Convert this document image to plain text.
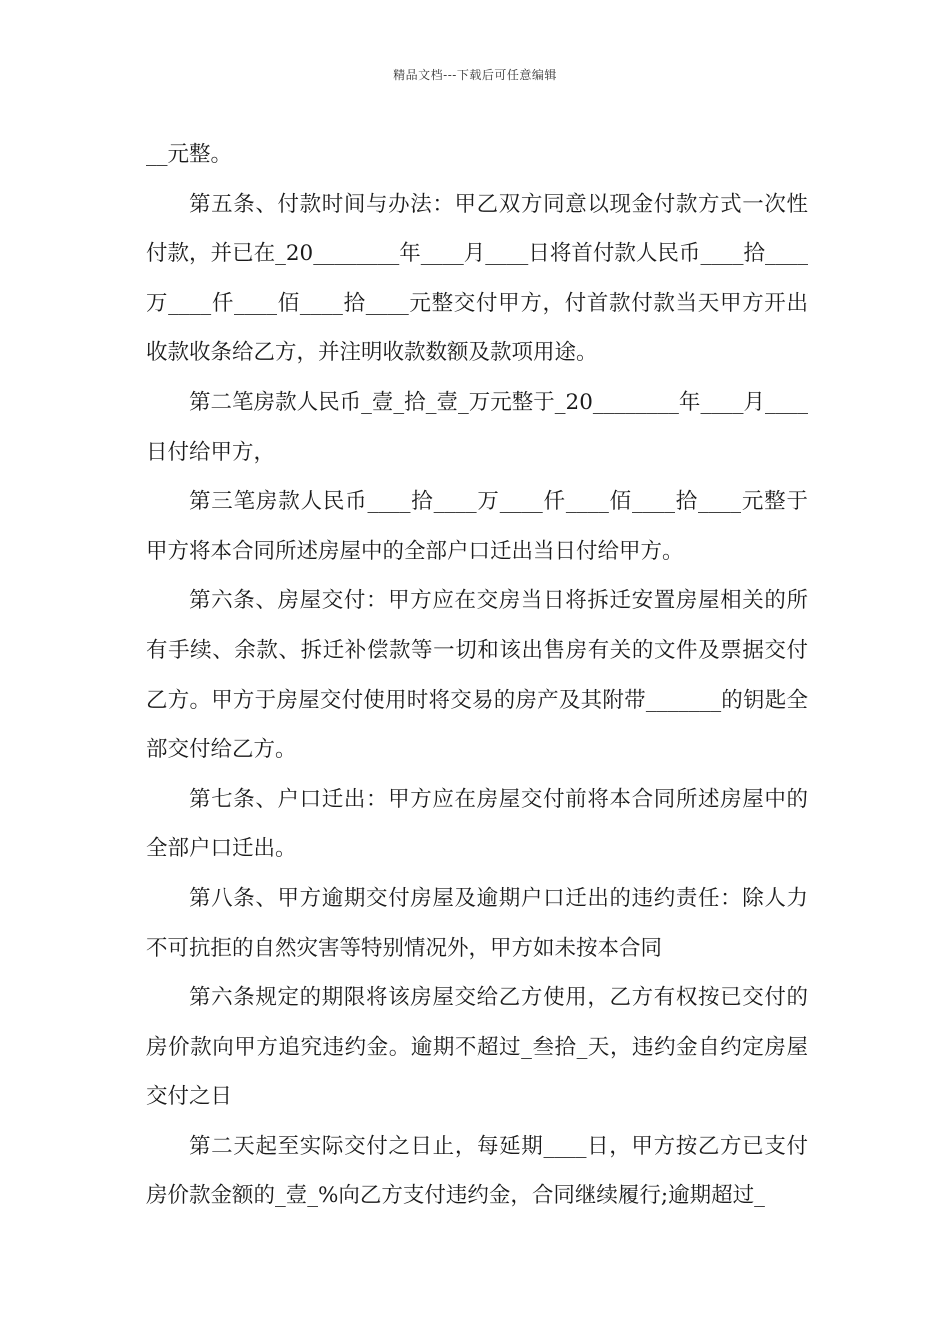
精品文档---下载后可任意编辑

__元整。

第五条、付款时间与办法：甲乙双方同意以现金付款方式一次性付款，并已在_20________年____月____日将首付款人民币____拾____万____仟____佰____拾____元整交付甲方，付首款付款当天甲方开出收款收条给乙方，并注明收款数额及款项用途。

第二笔房款人民币_壹_拾_壹_万元整于_20________年____月____日付给甲方，

第三笔房款人民币____拾____万____仟____佰____拾____元整于甲方将本合同所述房屋中的全部户口迁出当日付给甲方。

第六条、房屋交付：甲方应在交房当日将拆迁安置房屋相关的所有手续、余款、拆迁补偿款等一切和该出售房有关的文件及票据交付乙方。甲方于房屋交付使用时将交易的房产及其附带_______的钥匙全部交付给乙方。

第七条、户口迁出：甲方应在房屋交付前将本合同所述房屋中的全部户口迁出。

第八条、甲方逾期交付房屋及逾期户口迁出的违约责任：除人力不可抗拒的自然灾害等特别情况外，甲方如未按本合同

第六条规定的期限将该房屋交给乙方使用，乙方有权按已交付的房价款向甲方追究违约金。逾期不超过_叁拾_天，违约金自约定房屋交付之日

第二天起至实际交付之日止，每延期____日，甲方按乙方已支付房价款金额的_壹_%向乙方支付违约金，合同继续履行;逾期超过_
